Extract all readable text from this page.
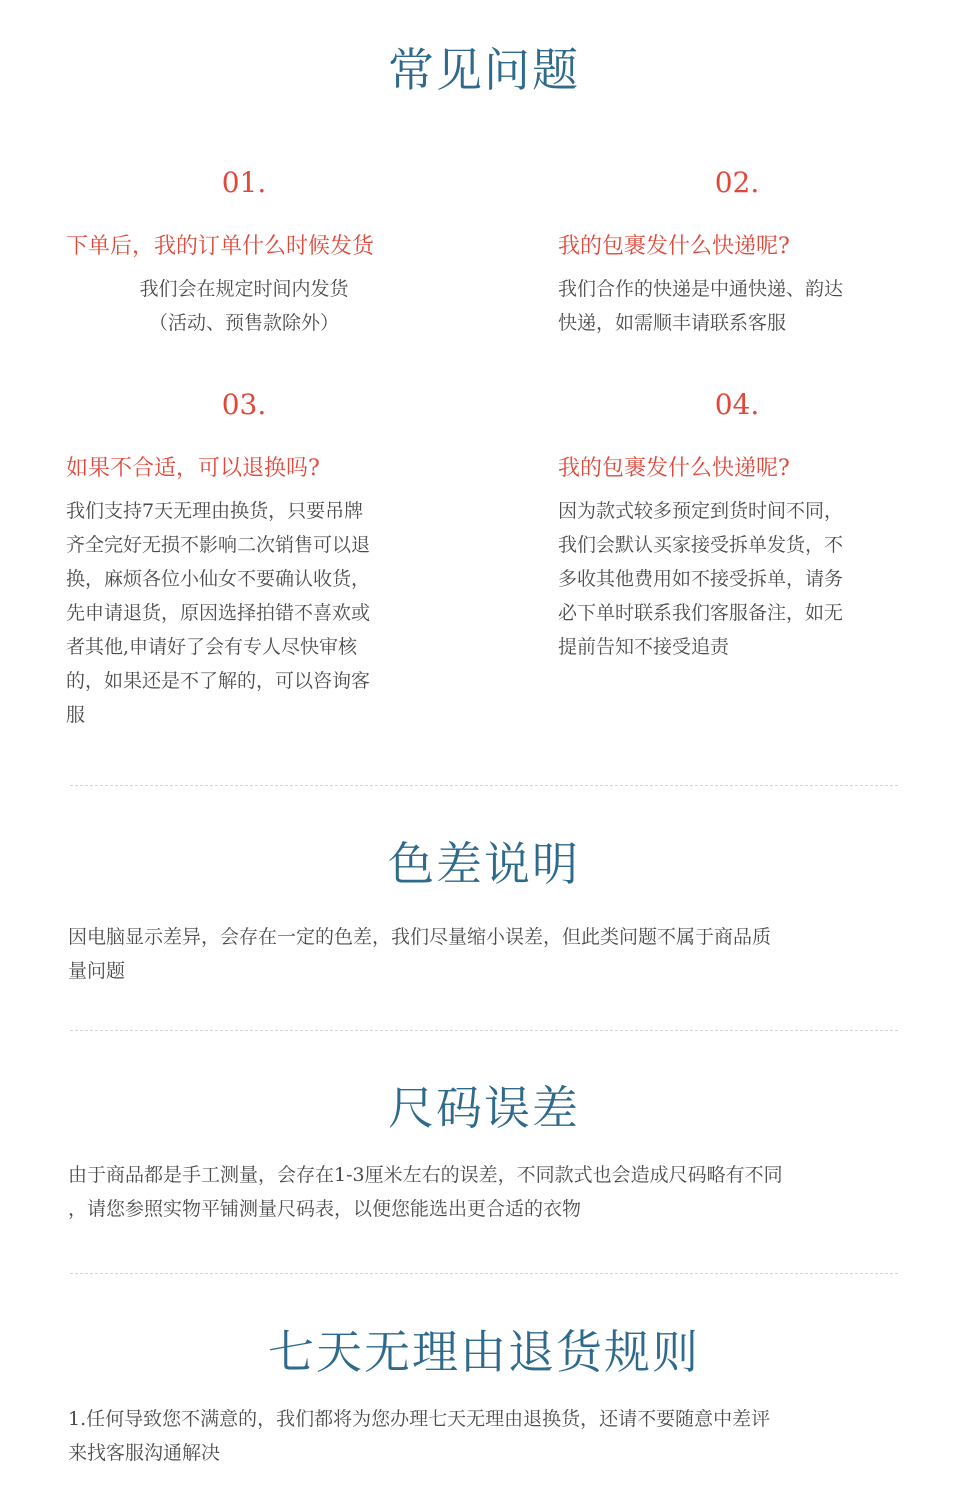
常见问题
01.
下单后，我的订单什么时候发货
我们会在规定时间内发货
（活动、预售款除外）
02.
我的包裹发什么快递呢?
我们合作的快递是中通快递、韵达
快递，如需顺丰请联系客服
03.
如果不合适，可以退换吗?
我们支持7天无理由换货，只要吊牌
齐全完好无损不影响二次销售可以退
换，麻烦各位小仙女不要确认收货，
先申请退货，原因选择拍错不喜欢或
者其他,申请好了会有专人尽快审核
的，如果还是不了解的，可以咨询客
服
04.
我的包裹发什么快递呢?
因为款式较多预定到货时间不同，
我们会默认买家接受拆单发货，不
多收其他费用如不接受拆单，请务
必下单时联系我们客服备注，如无
提前告知不接受追责
色差说明
因电脑显示差异，会存在一定的色差，我们尽量缩小误差，但此类问题不属于商品质
量问题
尺码误差
由于商品都是手工测量，会存在1-3厘米左右的误差，不同款式也会造成尺码略有不同
，请您参照实物平铺测量尺码表，以便您能选出更合适的衣物
七天无理由退货规则
1.任何导致您不满意的，我们都将为您办理七天无理由退换货，还请不要随意中差评
来找客服沟通解决
